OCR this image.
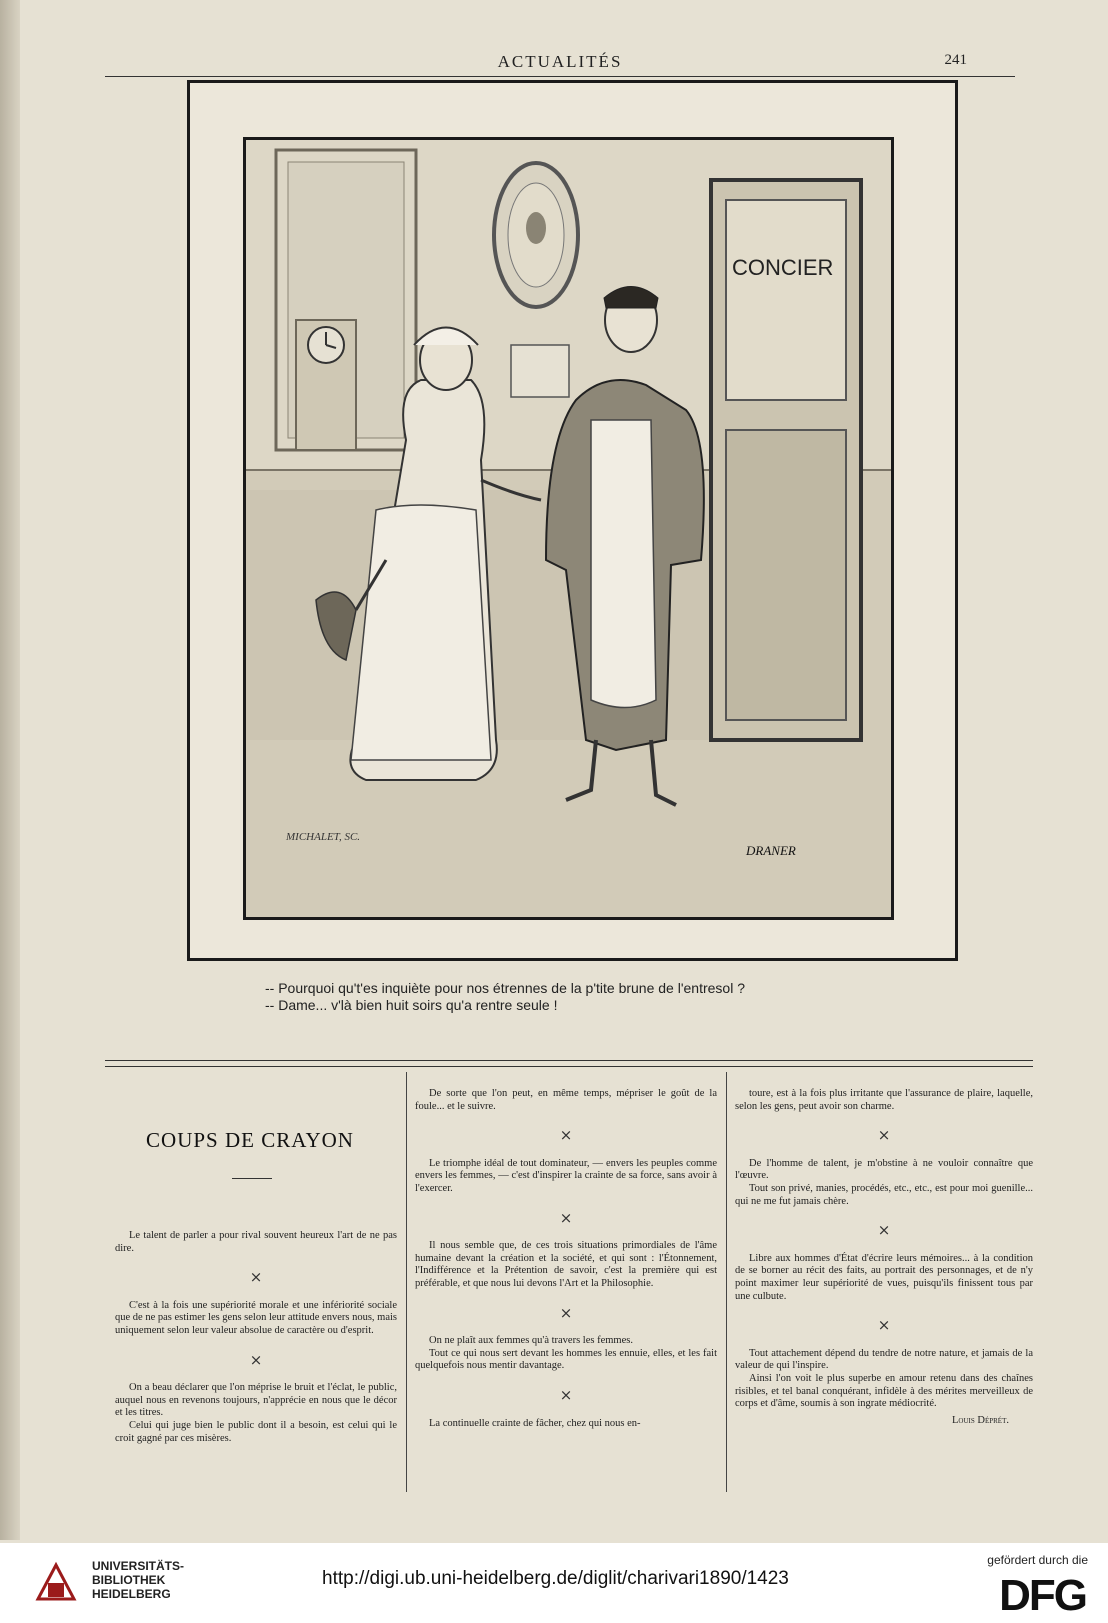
ACTUALITÉS	241
CONCIER
MICHALET, SC.
DRANER
-- Pourquoi qu't'es inquiète pour nos étrennes de la p'tite brune de l'entresol ?
-- Dame... v'là bien huit soirs qu'a rentre seule !
COUPS DE CRAYON

Le talent de parler a pour rival souvent heureux l'art de ne pas dire.

×

C'est à la fois une supériorité morale et une infériorité sociale que de ne pas estimer les gens selon leur attitude envers nous, mais uniquement selon leur valeur absolue de caractère ou d'esprit.

×

On a beau déclarer que l'on méprise le bruit et l'éclat, le public, auquel nous en revenons toujours, n'apprécie en nous que le décor et les titres.

Celui qui juge bien le public dont il a besoin, est celui qui le croit gagné par ces misères.

De sorte que l'on peut, en même temps, mépriser le goût de la foule... et le suivre.

×

Le triomphe idéal de tout dominateur, — envers les peuples comme envers les femmes, — c'est d'inspirer la crainte de sa force, sans avoir à l'exercer.

×

Il nous semble que, de ces trois situations primordiales de l'âme humaine devant la création et la société, et qui sont : l'Étonnement, l'Indifférence et la Prétention de savoir, c'est la première qui est préférable, et que nous lui devons l'Art et la Philosophie.

×

On ne plaît aux femmes qu'à travers les femmes.

Tout ce qui nous sert devant les hommes les ennuie, elles, et les fait quelquefois nous mentir davantage.

×

La continuelle crainte de fâcher, chez qui nous en-

toure, est à la fois plus irritante que l'assurance de plaire, laquelle, selon les gens, peut avoir son charme.

×

De l'homme de talent, je m'obstine à ne vouloir connaître que l'œuvre.

Tout son privé, manies, procédés, etc., etc., est pour moi guenille... qui ne me fut jamais chère.

×

Libre aux hommes d'État d'écrire leurs mémoires... à la condition de se borner au récit des faits, au portrait des personnages, et de n'y point maximer leur supériorité de vues, puisqu'ils finissent tous par une culbute.

×

Tout attachement dépend du tendre de notre nature, et jamais de la valeur de qui l'inspire.

Ainsi l'on voit le plus superbe en amour retenu dans des chaînes risibles, et tel banal conquérant, infidèle à des mérites merveilleux de corps et d'âme, soumis à son ingrate médiocrité.

Louis Déprét.

UNIVERSITÄTS-
BIBLIOTHEK
HEIDELBERG
http://digi.ub.uni-heidelberg.de/diglit/charivari1890/1423
gefördert durch die
DFG
